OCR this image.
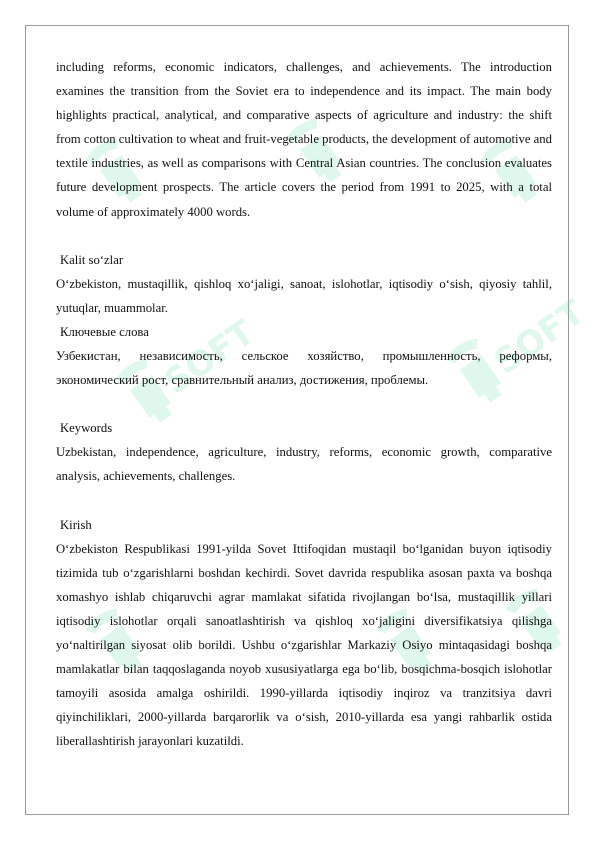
SOFT	SOFT

including reforms, economic indicators, challenges, and achievements. The introduction examines the transition from the Soviet era to independence and its impact. The main body highlights practical, analytical, and comparative aspects of agriculture and industry: the shift from cotton cultivation to wheat and fruit-vegetable products, the development of automotive and textile industries, as well as comparisons with Central Asian countries. The conclusion evaluates future development prospects. The article covers the period from 1991 to 2025, with a total volume of approximately 4000 words.

Kalit so‘zlar

O‘zbekiston, mustaqillik, qishloq xo‘jaligi, sanoat, islohotlar, iqtisodiy o‘sish, qiyosiy tahlil, yutuqlar, muammolar.

Ключевые слова

Узбекистан, независимость, сельское хозяйство, промышленность, реформы, экономический рост, сравнительный анализ, достижения, проблемы.

Keywords

Uzbekistan, independence, agriculture, industry, reforms, economic growth, comparative analysis, achievements, challenges.

Kirish

O‘zbekiston Respublikasi 1991-yilda Sovet Ittifoqidan mustaqil bo‘lganidan buyon iqtisodiy tizimida tub o‘zgarishlarni boshdan kechirdi. Sovet davrida respublika asosan paxta va boshqa xomashyo ishlab chiqaruvchi agrar mamlakat sifatida rivojlangan bo‘lsa, mustaqillik yillari iqtisodiy islohotlar orqali sanoatlashtirish va qishloq xo‘jaligini diversifikatsiya qilishga yo‘naltirilgan siyosat olib borildi. Ushbu o‘zgarishlar Markaziy Osiyo mintaqasidagi boshqa mamlakatlar bilan taqqoslaganda noyob xususiyatlarga ega bo‘lib, bosqichma-bosqich islohotlar tamoyili asosida amalga oshirildi. 1990-yillarda iqtisodiy inqiroz va tranzitsiya davri qiyinchiliklari, 2000-yillarda barqarorlik va o‘sish, 2010-yillarda esa yangi rahbarlik ostida liberallashtirish jarayonlari kuzatildi.
